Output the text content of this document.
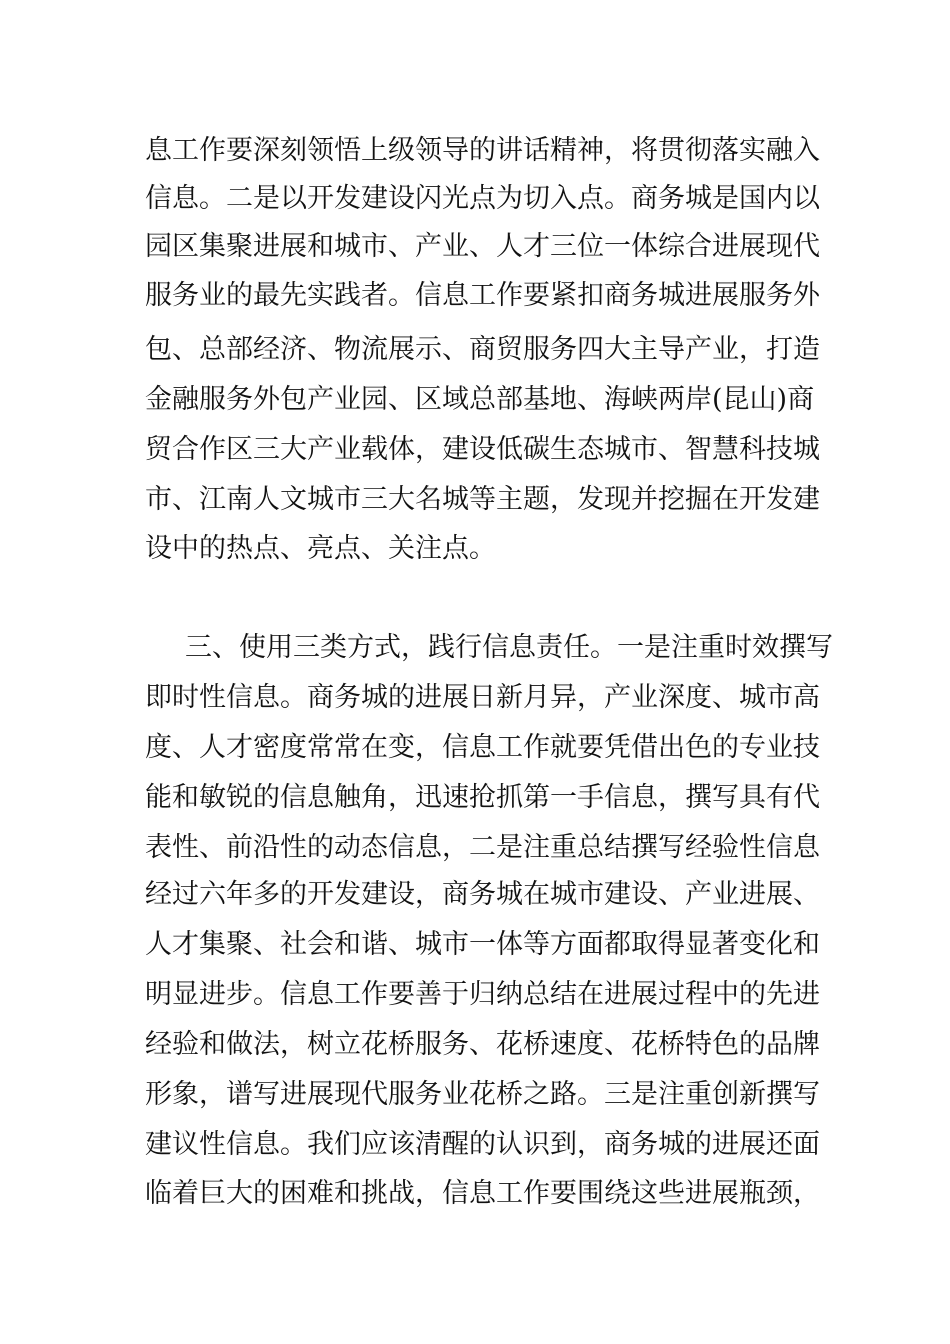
息工作要深刻领悟上级领导的讲话精神，将贯彻落实融入
信息。二是以开发建设闪光点为切入点。商务城是国内以
园区集聚进展和城市、产业、人才三位一体综合进展现代
服务业的最先实践者。信息工作要紧扣商务城进展服务外
包、总部经济、物流展示、商贸服务四大主导产业，打造
金融服务外包产业园、区域总部基地、海峡两岸(昆山)商
贸合作区三大产业载体，建设低碳生态城市、智慧科技城
市、江南人文城市三大名城等主题，发现并挖掘在开发建
设中的热点、亮点、关注点。
三、使用三类方式，践行信息责任。一是注重时效撰写
即时性信息。商务城的进展日新月异，产业深度、城市高
度、人才密度常常在变，信息工作就要凭借出色的专业技
能和敏锐的信息触角，迅速抢抓第一手信息，撰写具有代
表性、前沿性的动态信息，二是注重总结撰写经验性信息
经过六年多的开发建设，商务城在城市建设、产业进展、
人才集聚、社会和谐、城市一体等方面都取得显著变化和
明显进步。信息工作要善于归纳总结在进展过程中的先进
经验和做法，树立花桥服务、花桥速度、花桥特色的品牌
形象，谱写进展现代服务业花桥之路。三是注重创新撰写
建议性信息。我们应该清醒的认识到，商务城的进展还面
临着巨大的困难和挑战，信息工作要围绕这些进展瓶颈，
